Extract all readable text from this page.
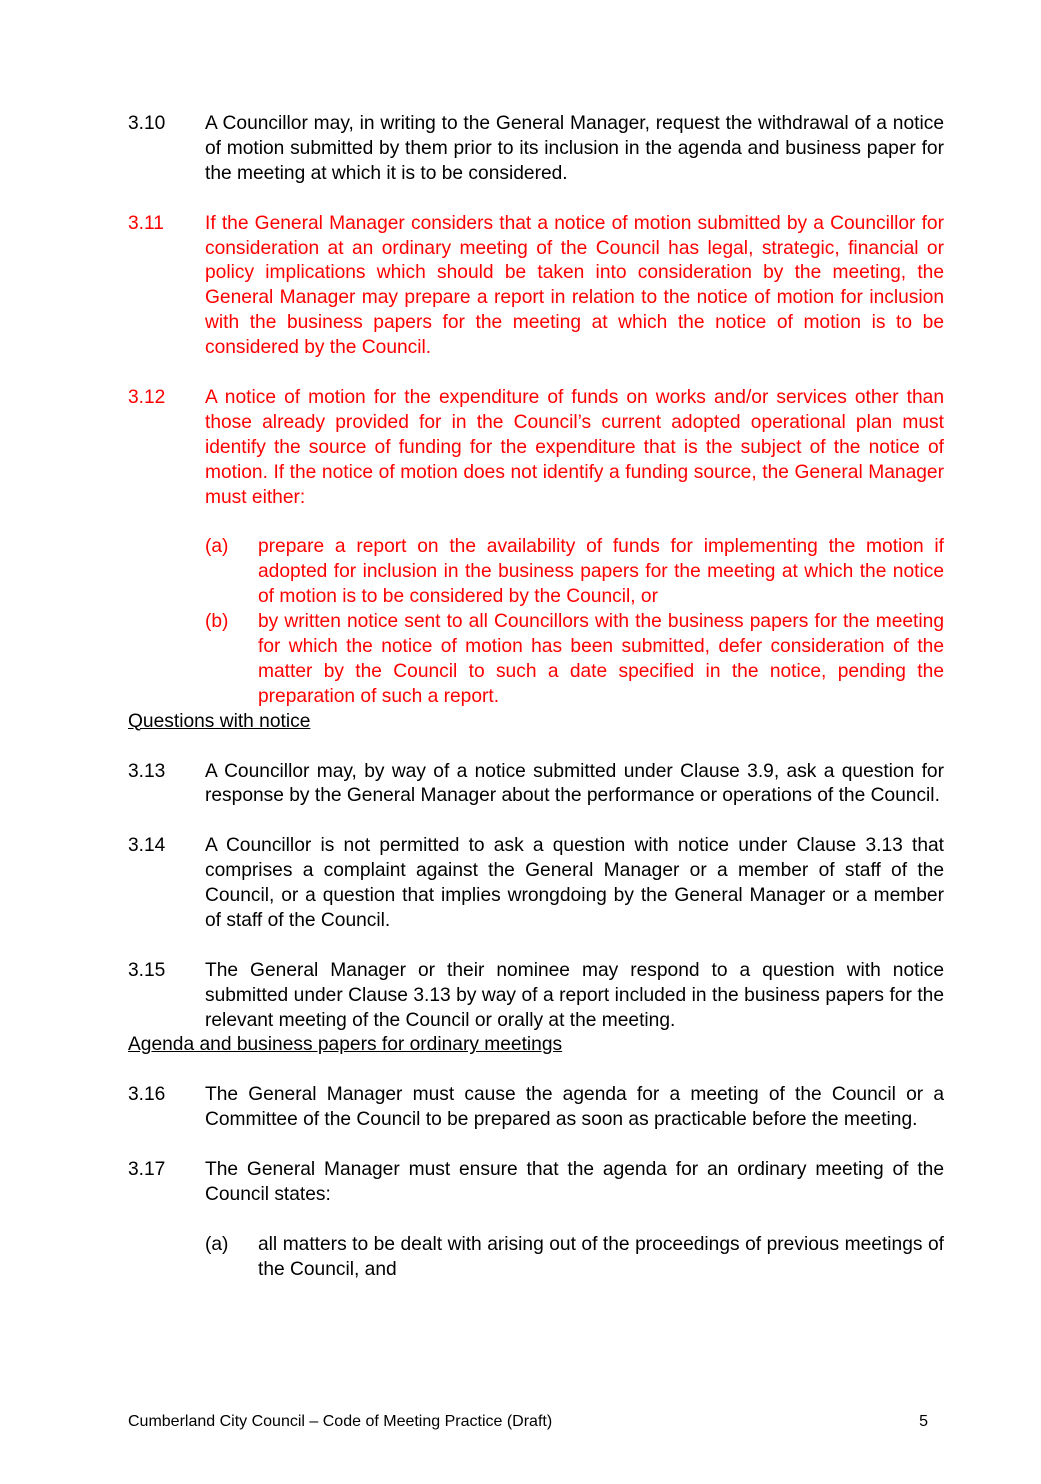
3.10	A Councillor may, in writing to the General Manager, request the withdrawal of a notice of motion submitted by them prior to its inclusion in the agenda and business paper for the meeting at which it is to be considered.

3.11	If the General Manager considers that a notice of motion submitted by a Councillor for consideration at an ordinary meeting of the Council has legal, strategic, financial or policy implications which should be taken into consideration by the meeting, the General Manager may prepare a report in relation to the notice of motion for inclusion with the business papers for the meeting at which the notice of motion is to be considered by the Council.

3.12	A notice of motion for the expenditure of funds on works and/or services other than those already provided for in the Council’s current adopted operational plan must identify the source of funding for the expenditure that is the subject of the notice of motion. If the notice of motion does not identify a funding source, the General Manager must either:

(a)	prepare a report on the availability of funds for implementing the motion if adopted for inclusion in the business papers for the meeting at which the notice of motion is to be considered by the Council, or
(b)	by written notice sent to all Councillors with the business papers for the meeting for which the notice of motion has been submitted, defer consideration of the matter by the Council to such a date specified in the notice, pending the preparation of such a report.

Questions with notice

3.13	A Councillor may, by way of a notice submitted under Clause 3.9, ask a question for response by the General Manager about the performance or operations of the Council.

3.14	A Councillor is not permitted to ask a question with notice under Clause 3.13 that comprises a complaint against the General Manager or a member of staff of the Council, or a question that implies wrongdoing by the General Manager or a member of staff of the Council.

3.15	The General Manager or their nominee may respond to a question with notice submitted under Clause 3.13 by way of a report included in the business papers for the relevant meeting of the Council or orally at the meeting.

Agenda and business papers for ordinary meetings

3.16	The General Manager must cause the agenda for a meeting of the Council or a Committee of the Council to be prepared as soon as practicable before the meeting.

3.17	The General Manager must ensure that the agenda for an ordinary meeting of the Council states:

(a)	all matters to be dealt with arising out of the proceedings of previous meetings of the Council, and
Cumberland City Council – Code of Meeting Practice (Draft)	5
